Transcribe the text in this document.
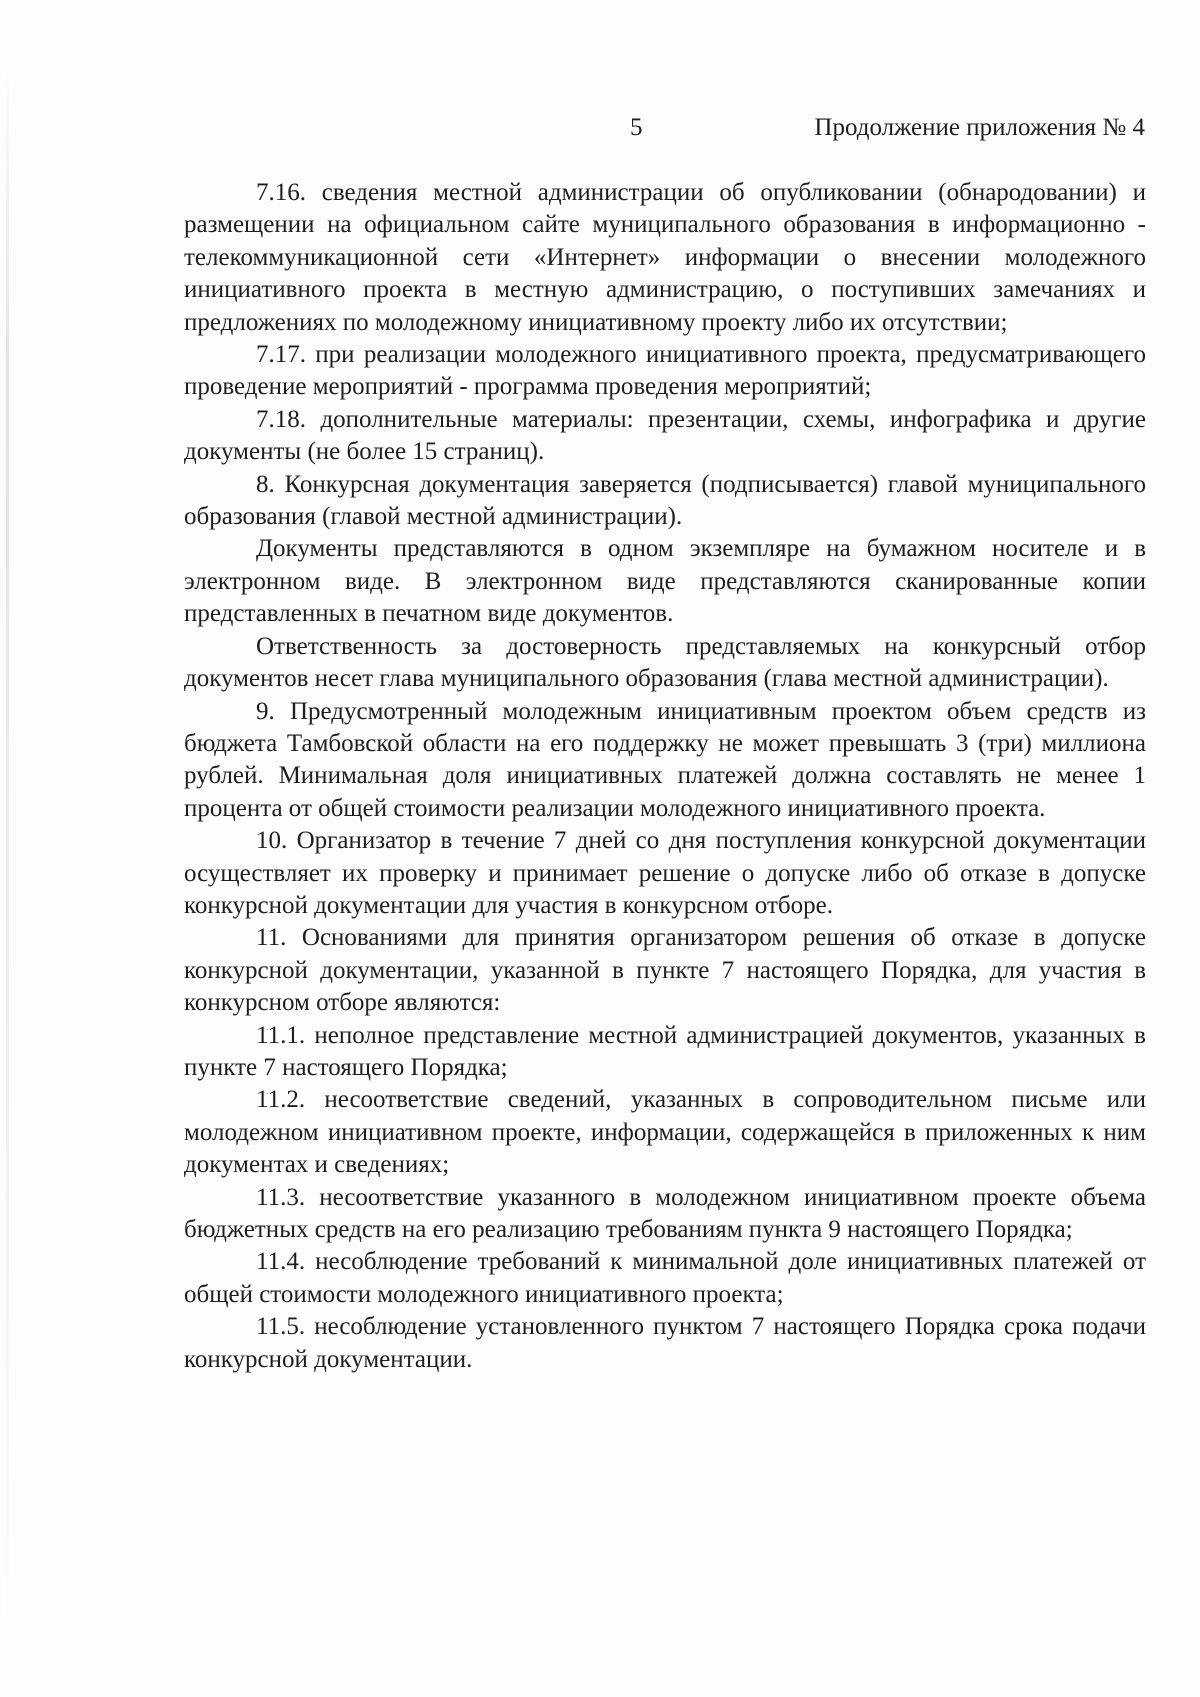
5	Продолжение приложения № 4

7.16. сведения местной администрации об опубликовании (обнародовании) и размещении на официальном сайте муниципального образования в информационно - телекоммуникационной сети «Интернет» информации о внесении молодежного инициативного проекта в местную администрацию, о поступивших замечаниях и предложениях по молодежному инициативному проекту либо их отсутствии;

7.17. при реализации молодежного инициативного проекта, предусматривающего проведение мероприятий - программа проведения мероприятий;

7.18. дополнительные материалы: презентации, схемы, инфографика и другие документы (не более 15 страниц).

8. Конкурсная документация заверяется (подписывается) главой муниципального образования (главой местной администрации).

Документы представляются в одном экземпляре на бумажном носителе и в электронном виде. В электронном виде представляются сканированные копии представленных в печатном виде документов.

Ответственность за достоверность представляемых на конкурсный отбор документов несет глава муниципального образования (глава местной администрации).

9. Предусмотренный молодежным инициативным проектом объем средств из бюджета Тамбовской области на его поддержку не может превышать 3 (три) миллиона рублей. Минимальная доля инициативных платежей должна составлять не менее 1 процента от общей стоимости реализации молодежного инициативного проекта.

10. Организатор в течение 7 дней со дня поступления конкурсной документации осуществляет их проверку и принимает решение о допуске либо об отказе в допуске конкурсной документации для участия в конкурсном отборе.

11. Основаниями для принятия организатором решения об отказе в допуске конкурсной документации, указанной в пункте 7 настоящего Порядка, для участия в конкурсном отборе являются:

11.1. неполное представление местной администрацией документов, указанных в пункте 7 настоящего Порядка;

11.2. несоответствие сведений, указанных в сопроводительном письме или молодежном инициативном проекте, информации, содержащейся в приложенных к ним документах и сведениях;

11.3. несоответствие указанного в молодежном инициативном проекте объема бюджетных средств на его реализацию требованиям пункта 9 настоящего Порядка;

11.4. несоблюдение требований к минимальной доле инициативных платежей от общей стоимости молодежного инициативного проекта;

11.5. несоблюдение установленного пунктом 7 настоящего Порядка срока подачи конкурсной документации.
